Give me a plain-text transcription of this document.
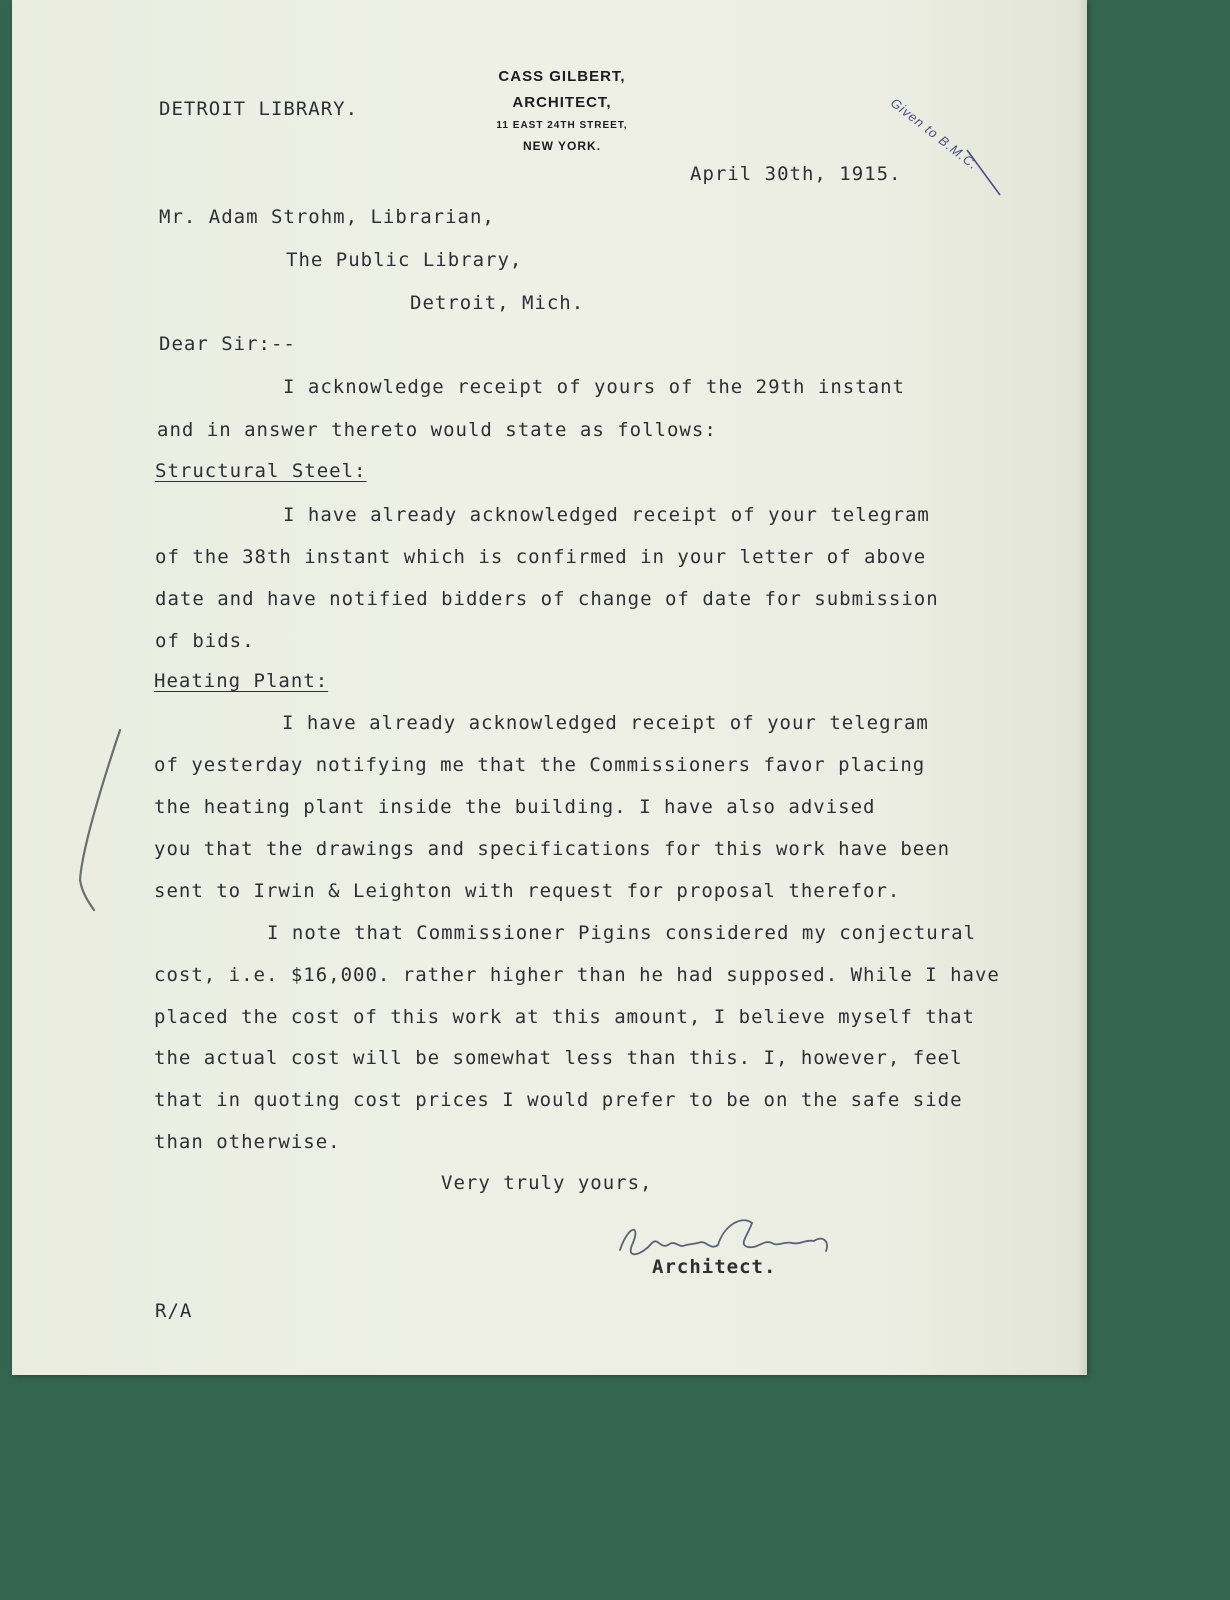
CASS GILBERT,
ARCHITECT,
11 EAST 24TH STREET,
NEW YORK.
DETROIT LIBRARY.	Given to B.M.C.
April 30th, 1915.
Mr. Adam Strohm, Librarian,
The Public Library,
Detroit, Mich.
Dear Sir:--
I acknowledge receipt of yours of the 29th instant
and in answer thereto would state as follows:
Structural Steel:
I have already acknowledged receipt of your telegram
of the 38th instant which is confirmed in your letter of above
date and have notified bidders of change of date for submission
of bids.
Heating Plant:
I have already acknowledged receipt of your telegram
of yesterday notifying me that the Commissioners favor placing
the heating plant inside the building. I have also advised
you that the drawings and specifications for this work have been
sent to Irwin & Leighton with request for proposal therefor.
I note that Commissioner Pigins considered my conjectural
cost, i.e. $16,000. rather higher than he had supposed. While I have
placed the cost of this work at this amount, I believe myself that
the actual cost will be somewhat less than this. I, however, feel
that in quoting cost prices I would prefer to be on the safe side
than otherwise.
Very truly yours,
Architect.
R/A
